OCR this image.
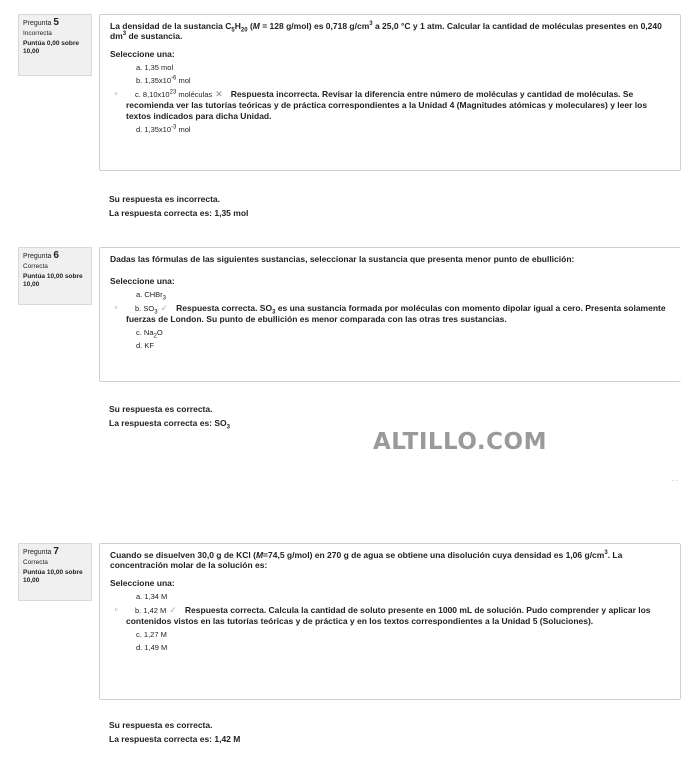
Pregunta 5
Incorrecta
Puntúa 0,00 sobre 10,00
La densidad de la sustancia $C_5H_{20}$ (M = 128 g/mol) es 0,718 $g/cm^3$ a 25,0 °C y 1 atm. Calcular la cantidad de moléculas presentes en 0,240 $dm^3$ de sustancia.
Seleccione una:
a. 1,35 mol
b. $1,35x10^{-6}$ mol
▹ c. $8,10x10^{23}$ moléculas ✕ Respuesta incorrecta. Revisar la diferencia entre número de moléculas y cantidad de moléculas. Se recomienda ver las tutorías teóricas y de práctica correspondientes a la Unidad 4 (Magnitudes atómicas y moleculares) y leer los textos indicados para dicha Unidad.
d. $1,35x10^{-3}$ mol
Su respuesta es incorrecta.
La respuesta correcta es: 1,35 mol
Pregunta 6
Correcta
Puntúa 10,00 sobre 10,00
Dadas las fórmulas de las siguientes sustancias, seleccionar la sustancia que presenta menor punto de ebullición:
Seleccione una:
a. CHBr$_3$
▹ b. $SO_3$ ✓ Respuesta correcta. $SO_3$ es una sustancia formada por moléculas con momento dipolar igual a cero. Presenta solamente fuerzas de London. Su punto de ebullición es menor comparada con las otras tres sustancias.
c. $Na_2O$
d. KF
Su respuesta es correcta.
La respuesta correcta es: $SO_3$
ALTILLO.COM
- -
Pregunta 7
Correcta
Puntúa 10,00 sobre 10,00
Cuando se disuelven 30,0 g de KCl (M=74,5 g/mol) en 270 g de agua se obtiene una disolución cuya densidad es 1,06 $g/cm^3$. La concentración molar de la solución es:
Seleccione una:
a. 1,34 M
▹ b. 1,42 M ✓ Respuesta correcta. Calcula la cantidad de soluto presente en 1000 mL de solución. Pudo comprender y aplicar los contenidos vistos en las tutorías teóricas y de práctica y en los textos correspondientes a la Unidad 5 (Soluciones).
c. 1,27 M
d. 1,49 M
Su respuesta es correcta.
La respuesta correcta es: 1,42 M
